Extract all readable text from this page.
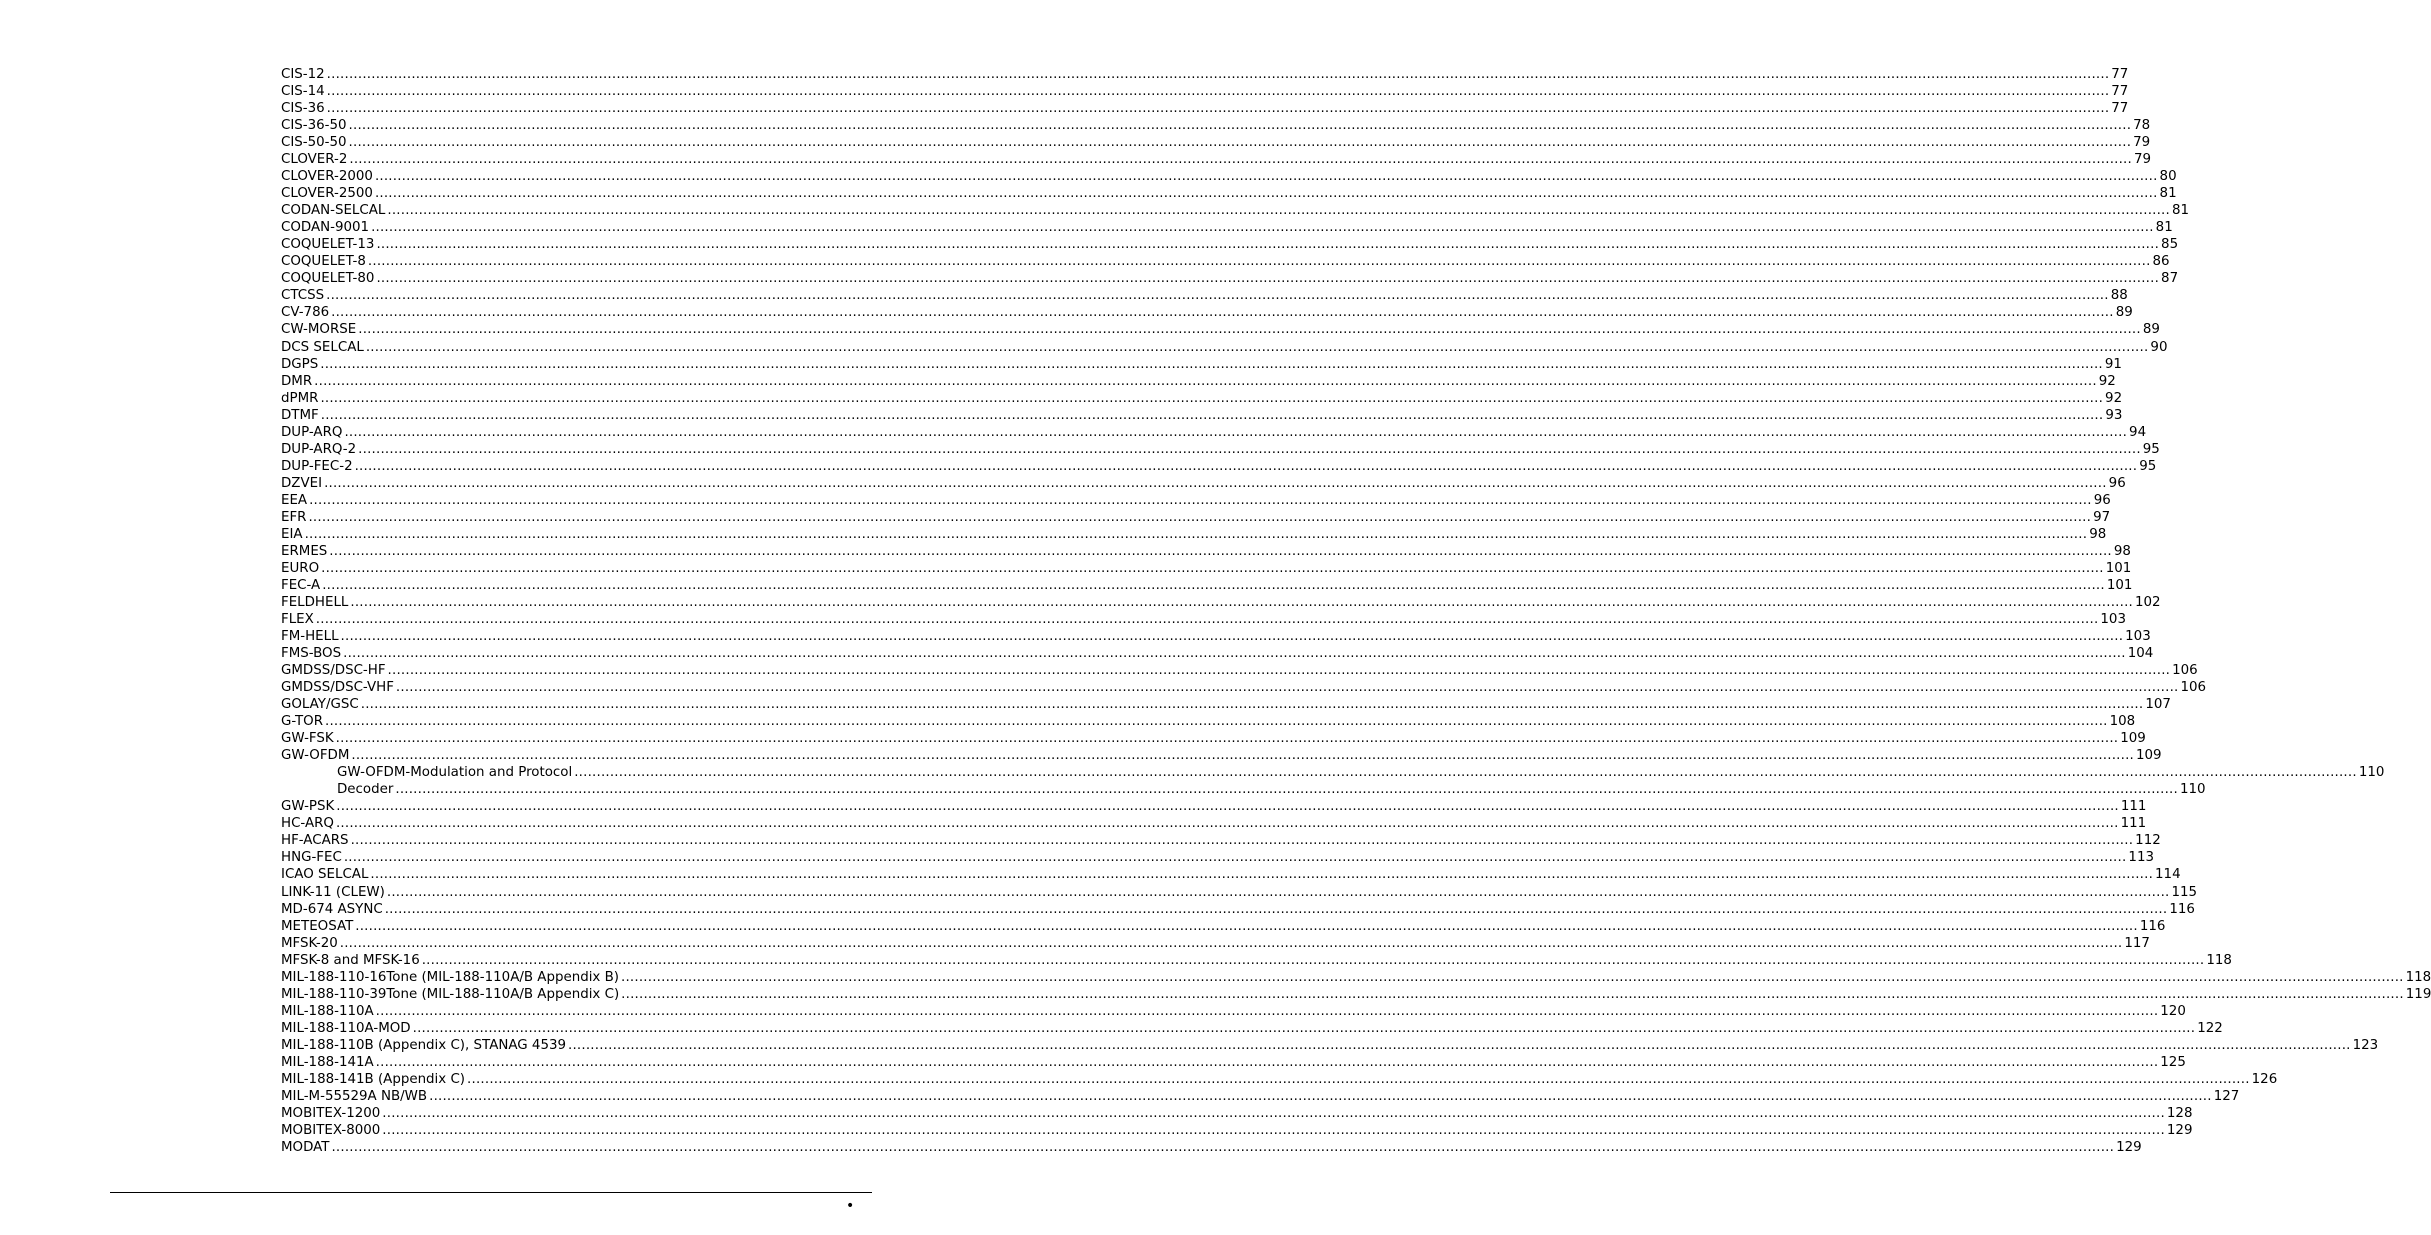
CIS-12 ................................................................................................................................................................................................................................................................................................................................................................................................................ 77
CIS-14 ................................................................................................................................................................................................................................................................................................................................................................................................................ 77
CIS-36 ................................................................................................................................................................................................................................................................................................................................................................................................................ 77
CIS-36-50 ................................................................................................................................................................................................................................................................................................................................................................................................................ 78
CIS-50-50 ................................................................................................................................................................................................................................................................................................................................................................................................................ 79
CLOVER-2 ................................................................................................................................................................................................................................................................................................................................................................................................................ 79
CLOVER-2000 ................................................................................................................................................................................................................................................................................................................................................................................................................ 80
CLOVER-2500 ................................................................................................................................................................................................................................................................................................................................................................................................................ 81
CODAN-SELCAL ................................................................................................................................................................................................................................................................................................................................................................................................................ 81
CODAN-9001 ................................................................................................................................................................................................................................................................................................................................................................................................................ 81
COQUELET-13 ................................................................................................................................................................................................................................................................................................................................................................................................................ 85
COQUELET-8 ................................................................................................................................................................................................................................................................................................................................................................................................................ 86
COQUELET-80 ................................................................................................................................................................................................................................................................................................................................................................................................................ 87
CTCSS ................................................................................................................................................................................................................................................................................................................................................................................................................ 88
CV-786 ................................................................................................................................................................................................................................................................................................................................................................................................................ 89
CW-MORSE ................................................................................................................................................................................................................................................................................................................................................................................................................ 89
DCS SELCAL ................................................................................................................................................................................................................................................................................................................................................................................................................ 90
DGPS ................................................................................................................................................................................................................................................................................................................................................................................................................ 91
DMR ................................................................................................................................................................................................................................................................................................................................................................................................................ 92
dPMR ................................................................................................................................................................................................................................................................................................................................................................................................................ 92
DTMF ................................................................................................................................................................................................................................................................................................................................................................................................................ 93
DUP-ARQ ................................................................................................................................................................................................................................................................................................................................................................................................................ 94
DUP-ARQ-2 ................................................................................................................................................................................................................................................................................................................................................................................................................ 95
DUP-FEC-2 ................................................................................................................................................................................................................................................................................................................................................................................................................ 95
DZVEI ................................................................................................................................................................................................................................................................................................................................................................................................................ 96
EEA ................................................................................................................................................................................................................................................................................................................................................................................................................ 96
EFR ................................................................................................................................................................................................................................................................................................................................................................................................................ 97
EIA ................................................................................................................................................................................................................................................................................................................................................................................................................ 98
ERMES ................................................................................................................................................................................................................................................................................................................................................................................................................ 98
EURO ................................................................................................................................................................................................................................................................................................................................................................................................................ 101
FEC-A ................................................................................................................................................................................................................................................................................................................................................................................................................ 101
FELDHELL ................................................................................................................................................................................................................................................................................................................................................................................................................ 102
FLEX ................................................................................................................................................................................................................................................................................................................................................................................................................ 103
FM-HELL ................................................................................................................................................................................................................................................................................................................................................................................................................ 103
FMS-BOS ................................................................................................................................................................................................................................................................................................................................................................................................................ 104
GMDSS/DSC-HF ................................................................................................................................................................................................................................................................................................................................................................................................................ 106
GMDSS/DSC-VHF ................................................................................................................................................................................................................................................................................................................................................................................................................ 106
GOLAY/GSC ................................................................................................................................................................................................................................................................................................................................................................................................................ 107
G-TOR ................................................................................................................................................................................................................................................................................................................................................................................................................ 108
GW-FSK ................................................................................................................................................................................................................................................................................................................................................................................................................ 109
GW-OFDM ................................................................................................................................................................................................................................................................................................................................................................................................................ 109
GW-OFDM-Modulation and Protocol ................................................................................................................................................................................................................................................................................................................................................................................................................ 110
Decoder ................................................................................................................................................................................................................................................................................................................................................................................................................ 110
GW-PSK ................................................................................................................................................................................................................................................................................................................................................................................................................ 111
HC-ARQ ................................................................................................................................................................................................................................................................................................................................................................................................................ 111
HF-ACARS ................................................................................................................................................................................................................................................................................................................................................................................................................ 112
HNG-FEC ................................................................................................................................................................................................................................................................................................................................................................................................................ 113
ICAO SELCAL ................................................................................................................................................................................................................................................................................................................................................................................................................ 114
LINK-11 (CLEW) ................................................................................................................................................................................................................................................................................................................................................................................................................ 115
MD-674 ASYNC ................................................................................................................................................................................................................................................................................................................................................................................................................ 116
METEOSAT ................................................................................................................................................................................................................................................................................................................................................................................................................ 116
MFSK-20 ................................................................................................................................................................................................................................................................................................................................................................................................................ 117
MFSK-8 and MFSK-16 ................................................................................................................................................................................................................................................................................................................................................................................................................ 118
MIL-188-110-16Tone (MIL-188-110A/B Appendix B) ................................................................................................................................................................................................................................................................................................................................................................................................................ 118
MIL-188-110-39Tone (MIL-188-110A/B Appendix C) ................................................................................................................................................................................................................................................................................................................................................................................................................ 119
MIL-188-110A ................................................................................................................................................................................................................................................................................................................................................................................................................ 120
MIL-188-110A-MOD ................................................................................................................................................................................................................................................................................................................................................................................................................ 122
MIL-188-110B (Appendix C), STANAG 4539 ................................................................................................................................................................................................................................................................................................................................................................................................................ 123
MIL-188-141A ................................................................................................................................................................................................................................................................................................................................................................................................................ 125
MIL-188-141B (Appendix C) ................................................................................................................................................................................................................................................................................................................................................................................................................ 126
MIL-M-55529A NB/WB ................................................................................................................................................................................................................................................................................................................................................................................................................ 127
MOBITEX-1200 ................................................................................................................................................................................................................................................................................................................................................................................................................ 128
MOBITEX-8000 ................................................................................................................................................................................................................................................................................................................................................................................................................ 129
MODAT ................................................................................................................................................................................................................................................................................................................................................................................................................ 129
•
